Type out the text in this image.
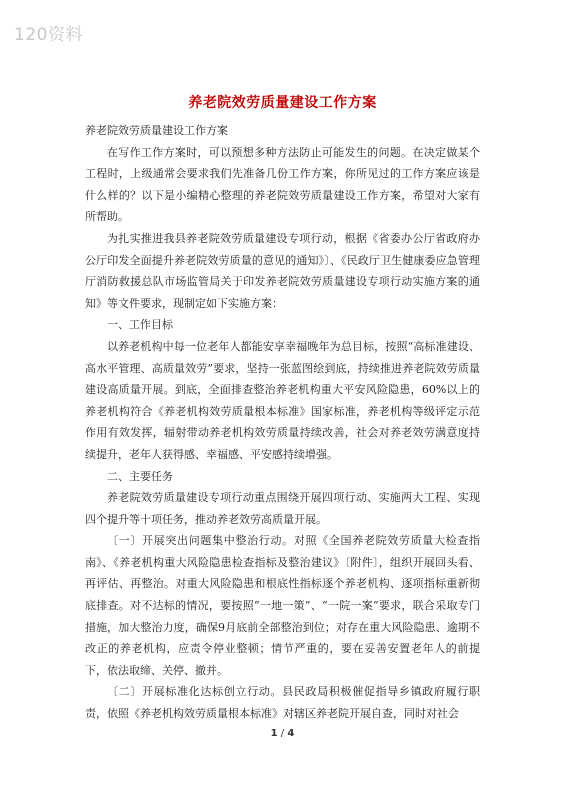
120资料
养老院效劳质量建设工作方案

养老院效劳质量建设工作方案

在写作工作方案时，可以预想多种方法防止可能发生的问题。在决定做某个工程时，上级通常会要求我们先准备几份工作方案，你所见过的工作方案应该是什么样的？以下是小编精心整理的养老院效劳质量建设工作方案，希望对大家有所帮助。

为扎实推进我县养老院效劳质量建设专项行动，根据《省委办公厅省政府办公厅印发全面提升养老院效劳质量的意见的通知》〕、《民政厅卫生健康委应急管理厅消防救援总队市场监管局关于印发养老院效劳质量建设专项行动实施方案的通知》等文件要求，现制定如下实施方案：

一、工作目标

以养老机构中每一位老年人都能安享幸福晚年为总目标，按照“高标准建设、高水平管理、高质量效劳”要求，坚持一张蓝图绘到底，持续推进养老院效劳质量建设高质量开展。到底，全面排查整治养老机构重大平安风险隐患，60%以上的养老机构符合《养老机构效劳质量根本标准》国家标准，养老机构等级评定示范作用有效发挥，辐射带动养老机构效劳质量持续改善，社会对养老效劳满意度持续提升，老年人获得感、幸福感、平安感持续增强。

二、主要任务

养老院效劳质量建设专项行动重点围绕开展四项行动、实施两大工程、实现四个提升等十项任务，推动养老效劳高质量开展。

〔一〕开展突出问题集中整治行动。对照《全国养老院效劳质量大检查指南》、《养老机构重大风险隐患检查指标及整治建议》〔附件〕，组织开展回头看、再评估、再整治。对重大风险隐患和根底性指标逐个养老机构、逐项指标重新彻底排查。对不达标的情况，要按照“一地一策”、“一院一案”要求，联合采取专门措施，加大整治力度，确保9月底前全部整治到位；对存在重大风险隐患、逾期不改正的养老机构，应责令停业整顿；情节严重的，要在妥善安置老年人的前提下，依法取缔、关停、撤并。

〔二〕开展标准化达标创立行动。县民政局积极催促指导乡镇政府履行职责，依照《养老机构效劳质量根本标准》对辖区养老院开展自查，同时对社会

1 / 4
